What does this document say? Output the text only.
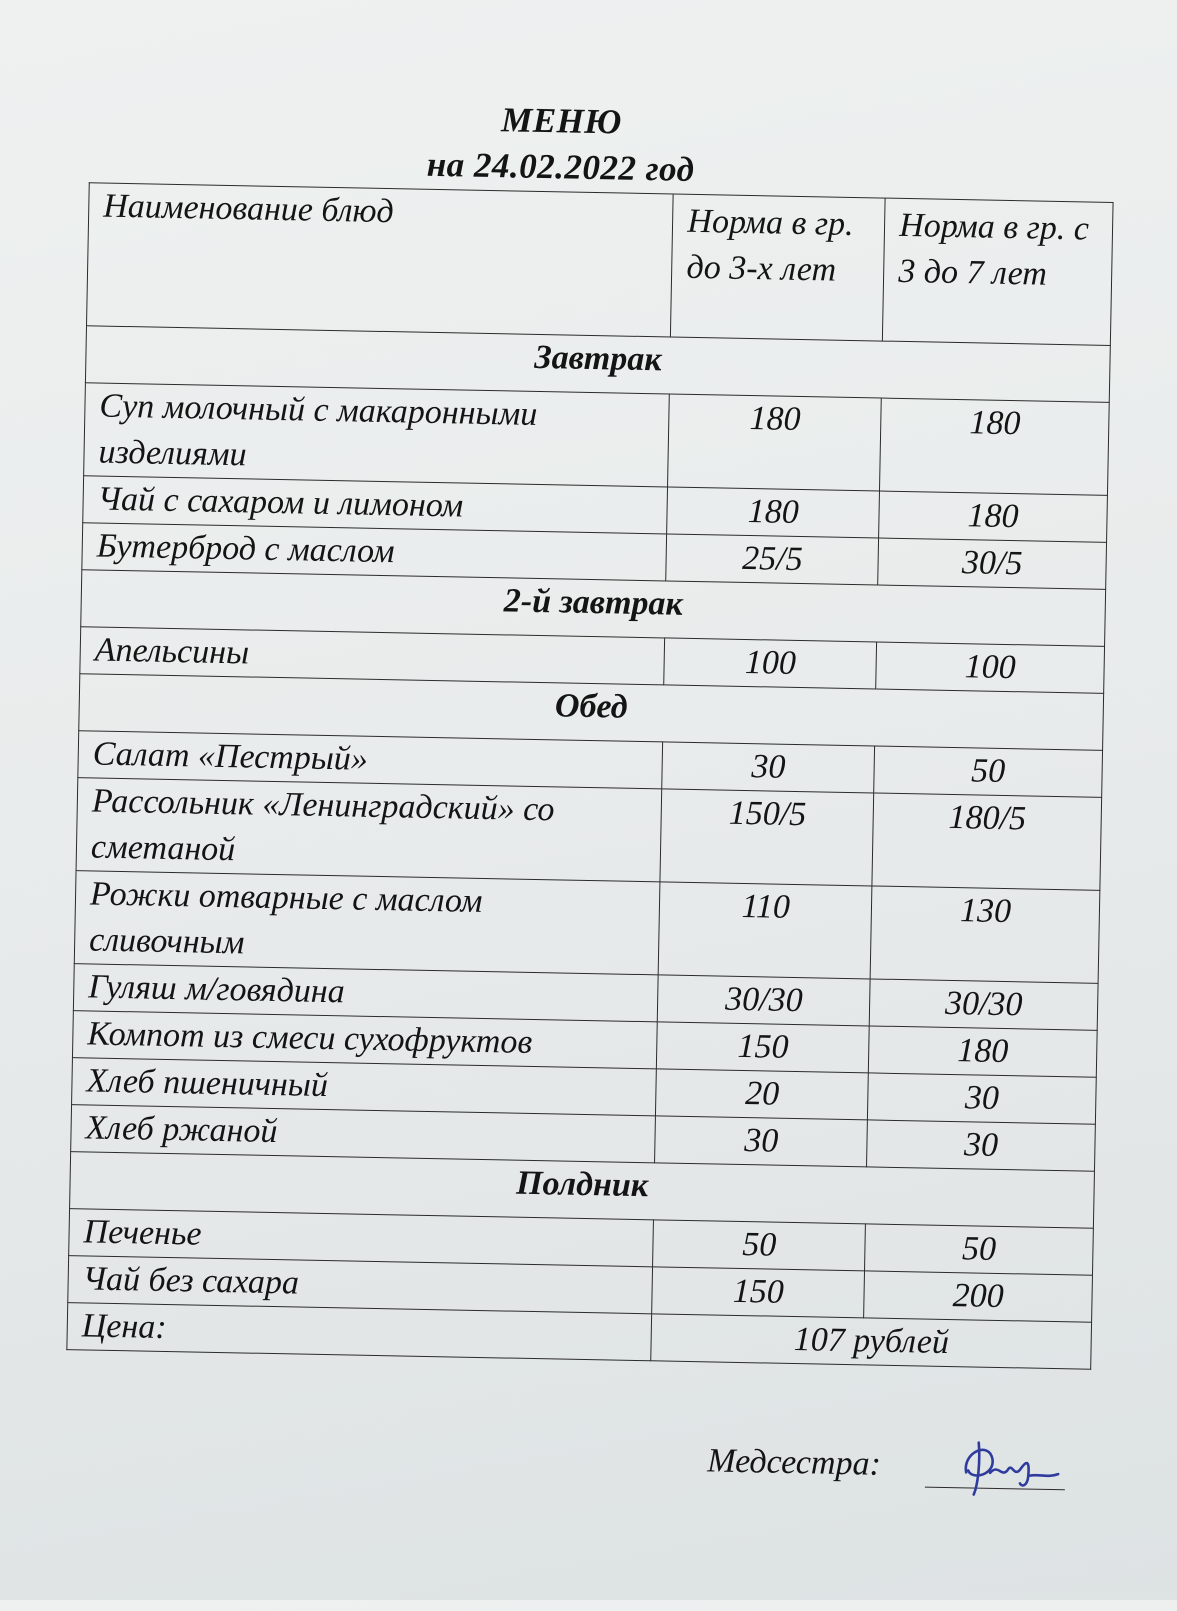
МЕНЮ
на 24.02.2022 год
Наименование блюд	Норма в гр. до 3-х лет	Норма в гр. с 3 до 7 лет
Завтрак		
Суп молочный с макаронными изделиями	180	180
Чай с сахаром и лимоном	180	180
Бутерброд с маслом	25/5	30/5
2-й завтрак		
Апельсины	100	100
Обед		
Салат «Пестрый»	30	50
Рассольник «Ленинградский» со сметаной	150/5	180/5
Рожки отварные с маслом сливочным	110	130
Гуляш м/говядина	30/30	30/30
Компот из смеси сухофруктов	150	180
Хлеб пшеничный	20	30
Хлеб ржаной	30	30
Полдник		
Печенье	50	50
Чай без сахара	150	200
Цена:	107 рублей	
Медсестра:
